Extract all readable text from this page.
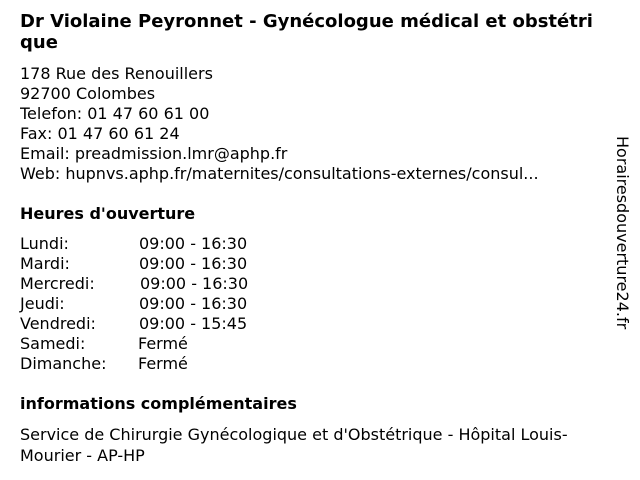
Dr Violaine Peyronnet - Gynécologue médical et obstétrique
178 Rue des Renouillers
92700 Colombes
Telefon: 01 47 60 61 00
Fax: 01 47 60 61 24
Email: preadmission.lmr@aphp.fr
Web: hupnvs.aphp.fr/maternites/consultations-externes/consul...
Heures d'ouverture
Lundi:	09:00 - 16:30
Mardi:	09:00 - 16:30
Mercredi:	09:00 - 16:30
Jeudi:	09:00 - 16:30
Vendredi:	09:00 - 15:45
Samedi:	Fermé
Dimanche: Fermé
informations complémentaires
Service de Chirurgie Gynécologique et d'Obstétrique - Hôpital Louis-Mourier - AP-HP
Horairesdouverture24.fr
